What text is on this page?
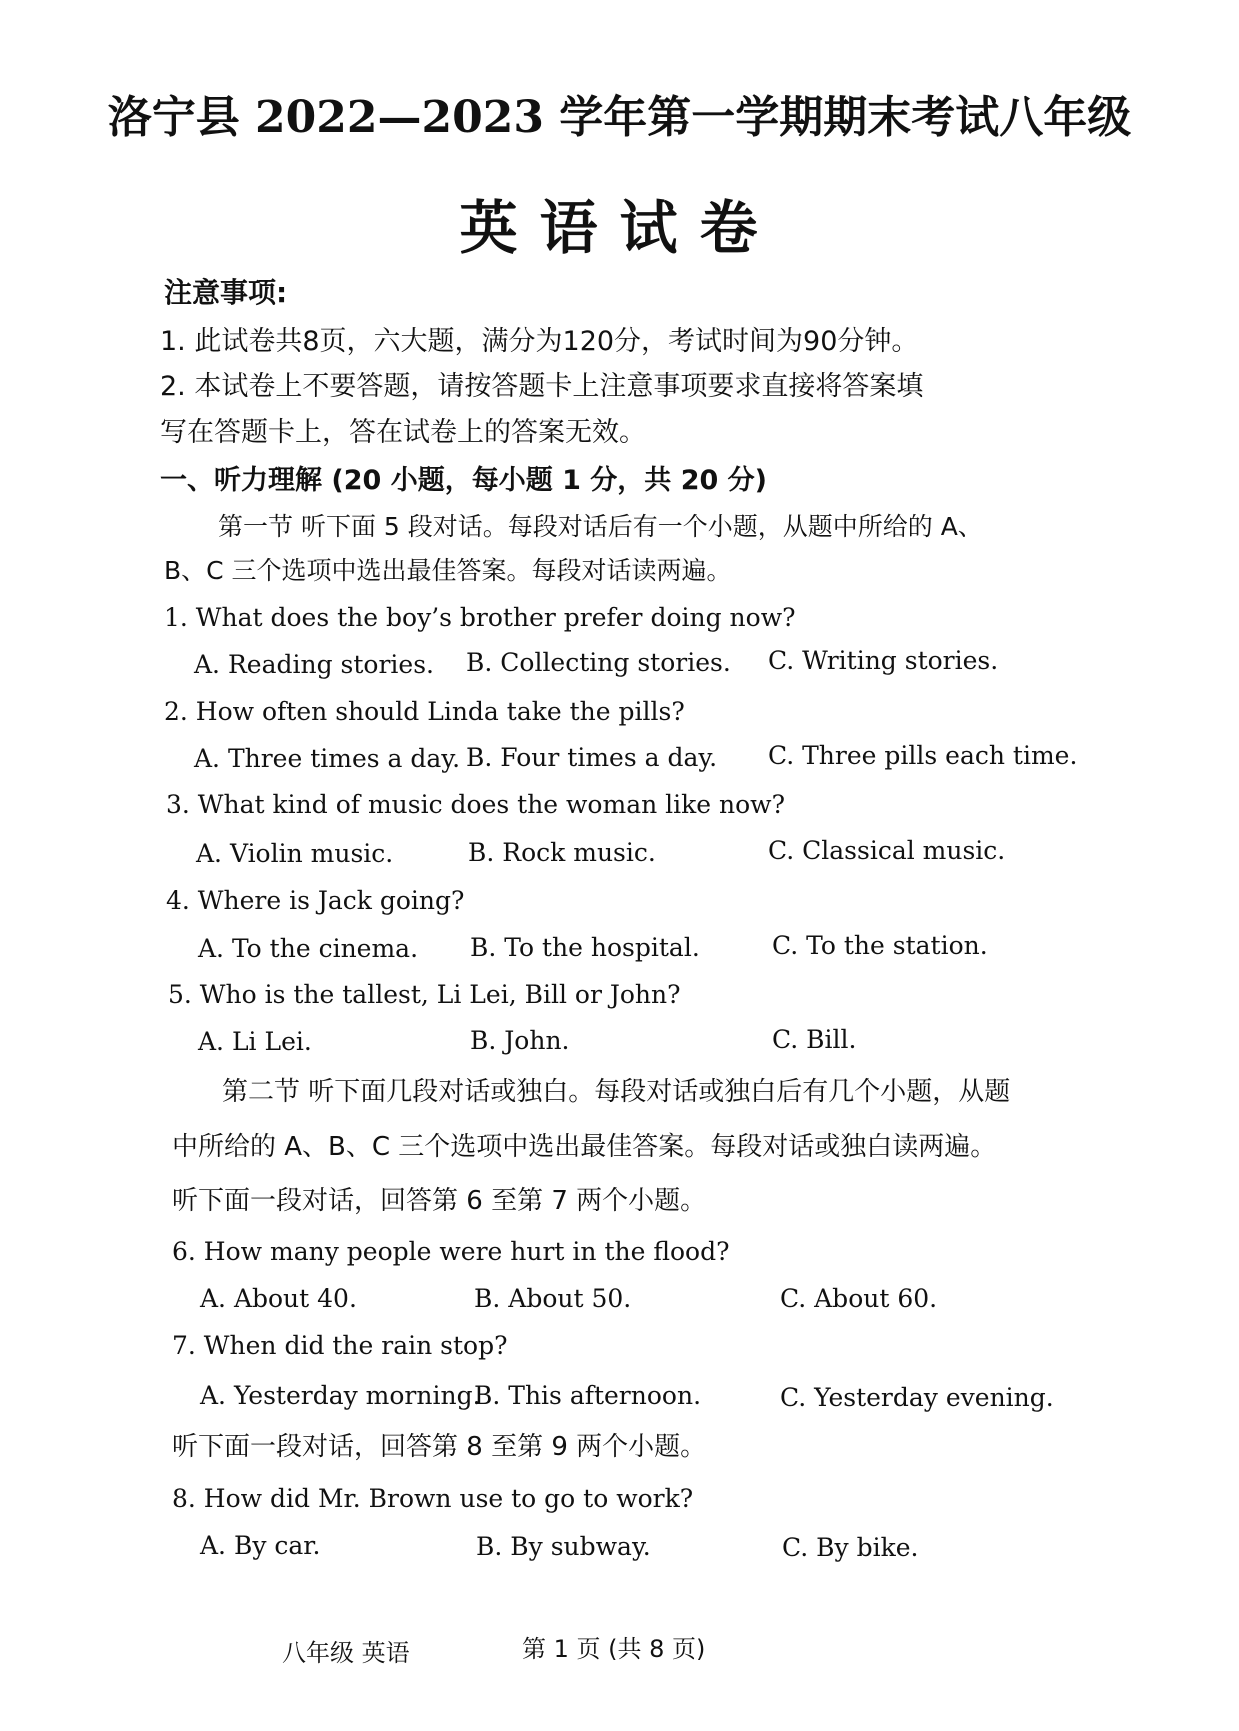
洛宁县 2022—2023 学年第一学期期末考试八年级
英语试卷
注意事项:
1. 此试卷共8页，六大题，满分为120分，考试时间为90分钟。
2. 本试卷上不要答题，请按答题卡上注意事项要求直接将答案填
写在答题卡上，答在试卷上的答案无效。
一、听力理解 (20 小题，每小题 1 分，共 20 分)
第一节 听下面 5 段对话。每段对话后有一个小题，从题中所给的 A、
B、C 三个选项中选出最佳答案。每段对话读两遍。
1. What does the boy’s brother prefer doing now?
A. Reading stories. B. Collecting stories. C. Writing stories.
2. How often should Linda take the pills?
A. Three times a day. B. Four times a day. C. Three pills each time.
3. What kind of music does the woman like now?
A. Violin music.	B. Rock music.	C. Classical music.
4. Where is Jack going?
A. To the cinema. B. To the hospital.	C. To the station.
5. Who is the tallest, Li Lei, Bill or John?
A. Li Lei.	B. John.	C. Bill.
第二节 听下面几段对话或独白。每段对话或独白后有几个小题，从题
中所给的 A、B、C 三个选项中选出最佳答案。每段对话或独白读两遍。
听下面一段对话，回答第 6 至第 7 两个小题。
6. How many people were hurt in the flood?
A. About 40.	B. About 50.	C. About 60.
7. When did the rain stop?
A. Yesterday morning.
B. This afternoon.	C. Yesterday evening.
听下面一段对话，回答第 8 至第 9 两个小题。
8. How did Mr. Brown use to go to work?
A. By car.	B. By subway.	C. By bike.
八年级 英语	第 1 页 (共 8 页)
